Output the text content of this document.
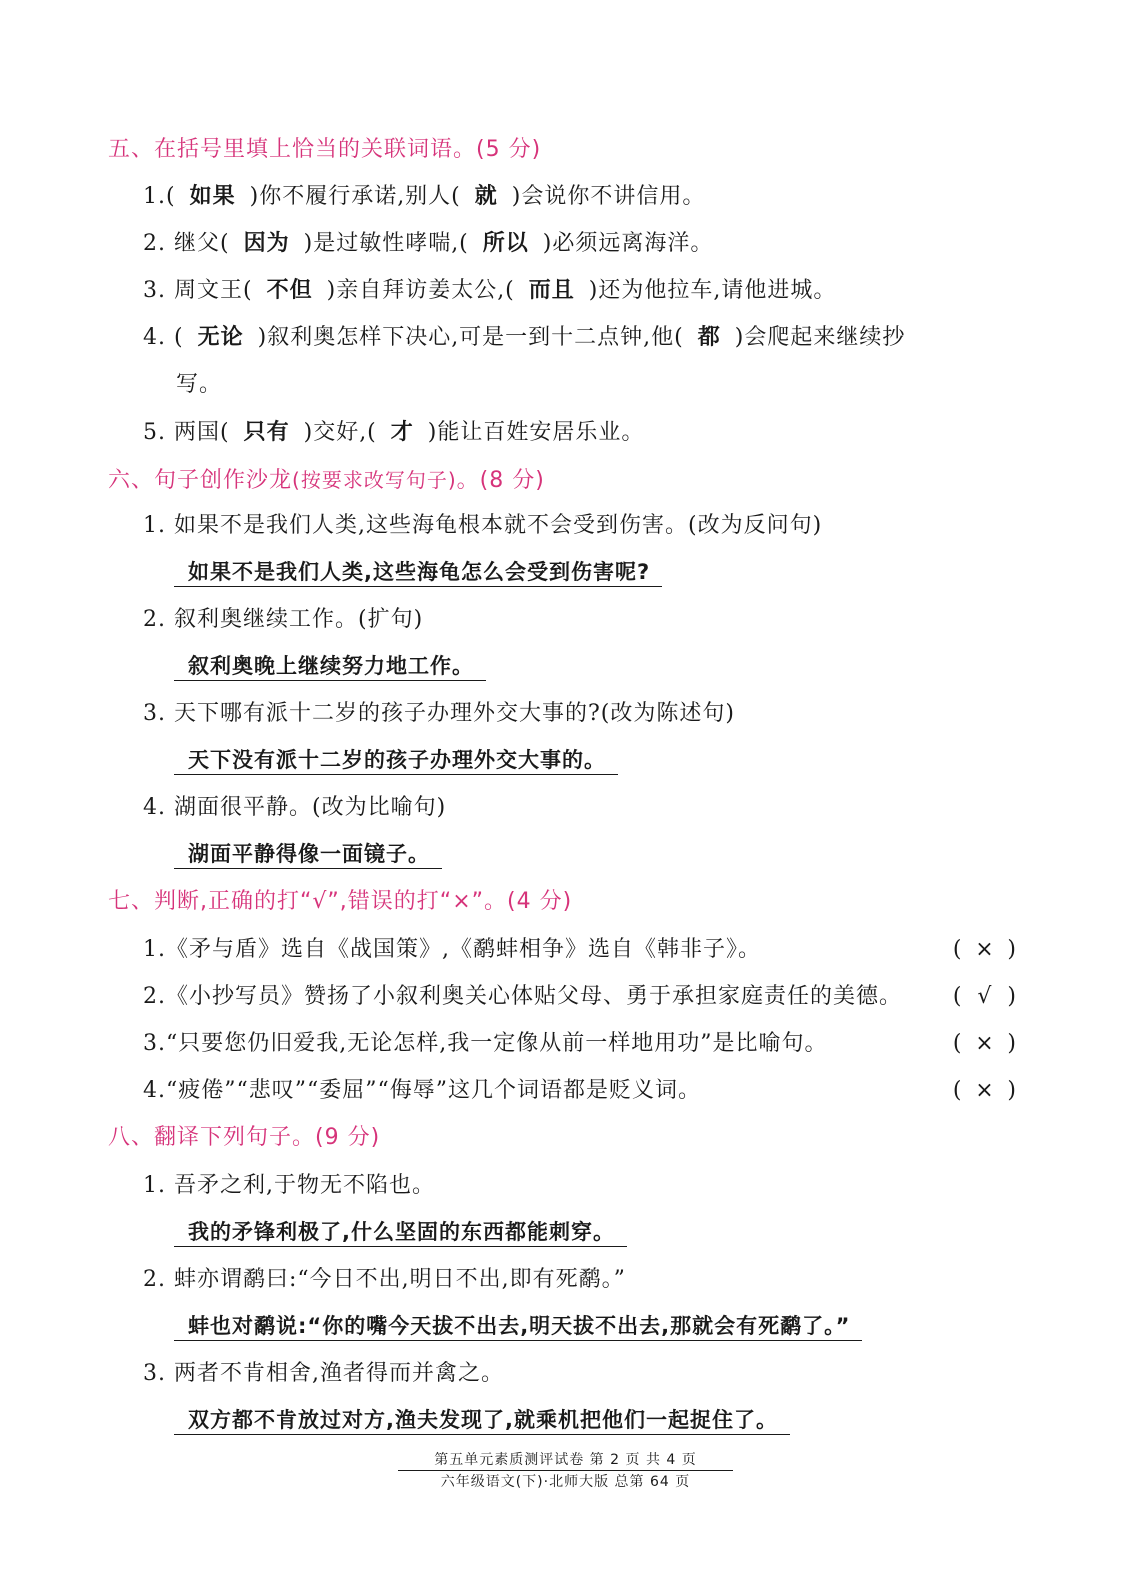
五、在括号里填上恰当的关联词语。(5 分)
1.( 如果 )你不履行承诺,别人( 就 )会说你不讲信用。
2. 继父( 因为 )是过敏性哮喘,( 所以 )必须远离海洋。
3. 周文王( 不但 )亲自拜访姜太公,( 而且 )还为他拉车,请他进城。
4. ( 无论 )叙利奥怎样下决心,可是一到十二点钟,他( 都 )会爬起来继续抄
写。
5. 两国( 只有 )交好,( 才 )能让百姓安居乐业。
六、句子创作沙龙(按要求改写句子)。(8 分)
1. 如果不是我们人类,这些海龟根本就不会受到伤害。(改为反问句)
如果不是我们人类,这些海龟怎么会受到伤害呢?
2. 叙利奥继续工作。(扩句)
叙利奥晚上继续努力地工作。
3. 天下哪有派十二岁的孩子办理外交大事的?(改为陈述句)
天下没有派十二岁的孩子办理外交大事的。
4. 湖面很平静。(改为比喻句)
湖面平静得像一面镜子。
七、判断,正确的打“√”,错误的打“×”。(4 分)
1.《矛与盾》选自《战国策》,《鹬蚌相争》选自《韩非子》。	( × )
2.《小抄写员》赞扬了小叙利奥关心体贴父母、勇于承担家庭责任的美德。 ( √ )
3.“只要您仍旧爱我,无论怎样,我一定像从前一样地用功”是比喻句。	( × )
4.“疲倦”“悲叹”“委屈”“侮辱”这几个词语都是贬义词。	( × )
八、翻译下列句子。(9 分)
1. 吾矛之利,于物无不陷也。
我的矛锋利极了,什么坚固的东西都能刺穿。
2. 蚌亦谓鹬曰:“今日不出,明日不出,即有死鹬。”
蚌也对鹬说:“你的嘴今天拔不出去,明天拔不出去,那就会有死鹬了。”
3. 两者不肯相舍,渔者得而并禽之。
双方都不肯放过对方,渔夫发现了,就乘机把他们一起捉住了。
第五单元素质测评试卷 第 2 页 共 4 页
六年级语文(下)·北师大版 总第 64 页
